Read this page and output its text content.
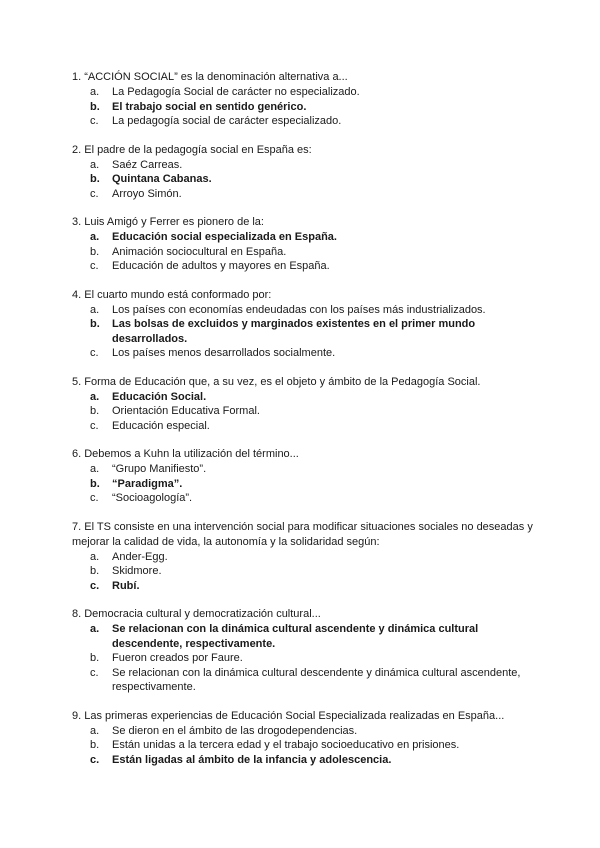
1. “ACCIÓN SOCIAL” es la denominación alternativa a...

a.	La Pedagogía Social de carácter no especializado.
b.	El trabajo social en sentido genérico.
c.	La pedagogía social de carácter especializado.

2. El padre de la pedagogía social en España es:

a.	Saéz Carreas.
b.	Quintana Cabanas.
c.	Arroyo Simón.

3. Luis Amigó y Ferrer es pionero de la:

a.	Educación social especializada en España.
b.	Animación sociocultural en España.
c.	Educación de adultos y mayores en España.

4. El cuarto mundo está conformado por:

a.	Los países con economías endeudadas con los países más industrializados.
b.	Las bolsas de excluidos y marginados existentes en el primer mundo desarrollados.
c.	Los países menos desarrollados socialmente.

5. Forma de Educación que, a su vez, es el objeto y ámbito de la Pedagogía Social.

a.	Educación Social.
b.	Orientación Educativa Formal.
c.	Educación especial.

6. Debemos a Kuhn la utilización del término...

a.	“Grupo Manifiesto”.
b.	“Paradigma”.
c.	“Socioagología”.

7. El TS consiste en una intervención social para modificar situaciones sociales no deseadas y mejorar la calidad de vida, la autonomía y la solidaridad según:

a.	Ander-Egg.
b.	Skidmore.
c.	Rubí.

8. Democracia cultural y democratización cultural...

a.	Se relacionan con la dinámica cultural ascendente y dinámica cultural descendente, respectivamente.
b.	Fueron creados por Faure.
c.	Se relacionan con la dinámica cultural descendente y dinámica cultural ascendente, respectivamente.

9. Las primeras experiencias de Educación Social Especializada realizadas en España...

a.	Se dieron en el ámbito de las drogodependencias.
b.	Están unidas a la tercera edad y el trabajo socioeducativo en prisiones.
c.	Están ligadas al ámbito de la infancia y adolescencia.
